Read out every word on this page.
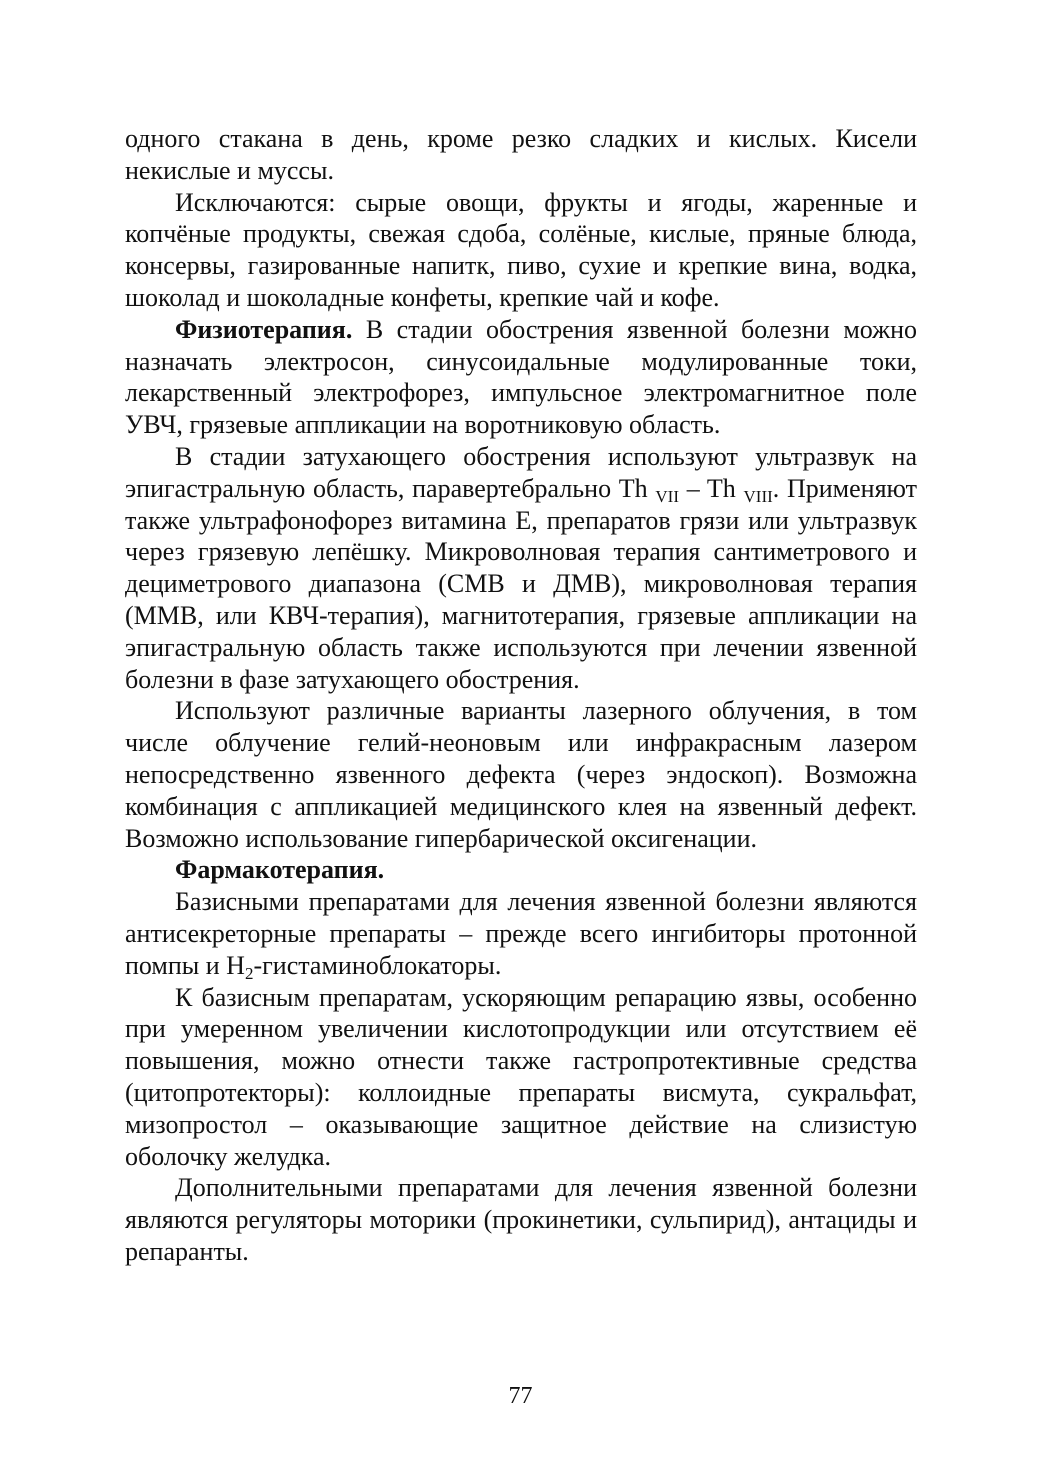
одного стакана в день, кроме резко сладких и кислых. Кисели некислые и муссы.

Исключаются: сырые овощи, фрукты и ягоды, жаренные и копчёные продукты, свежая сдоба, солёные, кислые, пряные блюда, консервы, газированные напитк, пиво, сухие и крепкие вина, водка, шоколад и шоколадные конфеты, крепкие чай и кофе.

Физиотерапия. В стадии обострения язвенной болезни можно назначать электросон, синусоидальные модулированные токи, лекарственный электрофорез, импульсное электромагнитное поле УВЧ, грязевые аппликации на воротниковую область.

В стадии затухающего обострения используют ультразвук на эпигастральную область, паравертебрально Th $_{VII}$ – Th $_{VIII}$. Применяют также ультрафонофорез витамина Е, препаратов грязи или ультразвук через грязевую лепёшку. Микроволновая терапия сантиметрового и дециметрового диапазона (СМВ и ДМВ), микроволновая терапия (ММВ, или КВЧ-терапия), магнитотерапия, грязевые аппликации на эпигастральную область также используются при лечении язвенной болезни в фазе затухающего обострения.

Используют различные варианты лазерного облучения, в том числе облучение гелий-неоновым или инфракрасным лазером непосредственно язвенного дефекта (через эндоскоп). Возможна комбинация с аппликацией медицинского клея на язвенный дефект. Возможно использование гипербарической оксигенации.

Фармакотерапия.

Базисными препаратами для лечения язвенной болезни являются антисекреторные препараты – прежде всего ингибиторы протонной помпы и $Н_2$-гистаминоблокаторы.

К базисным препаратам, ускоряющим репарацию язвы, особенно при умеренном увеличении кислотопродукции или отсутствием её повышения, можно отнести также гастропротективные средства (цитопротекторы): коллоидные препараты висмута, сукральфат, мизопростол – оказывающие защитное действие на слизистую оболочку желудка.

Дополнительными препаратами для лечения язвенной болезни являются регуляторы моторики (прокинетики, сульпирид), антациды и репаранты.

77
